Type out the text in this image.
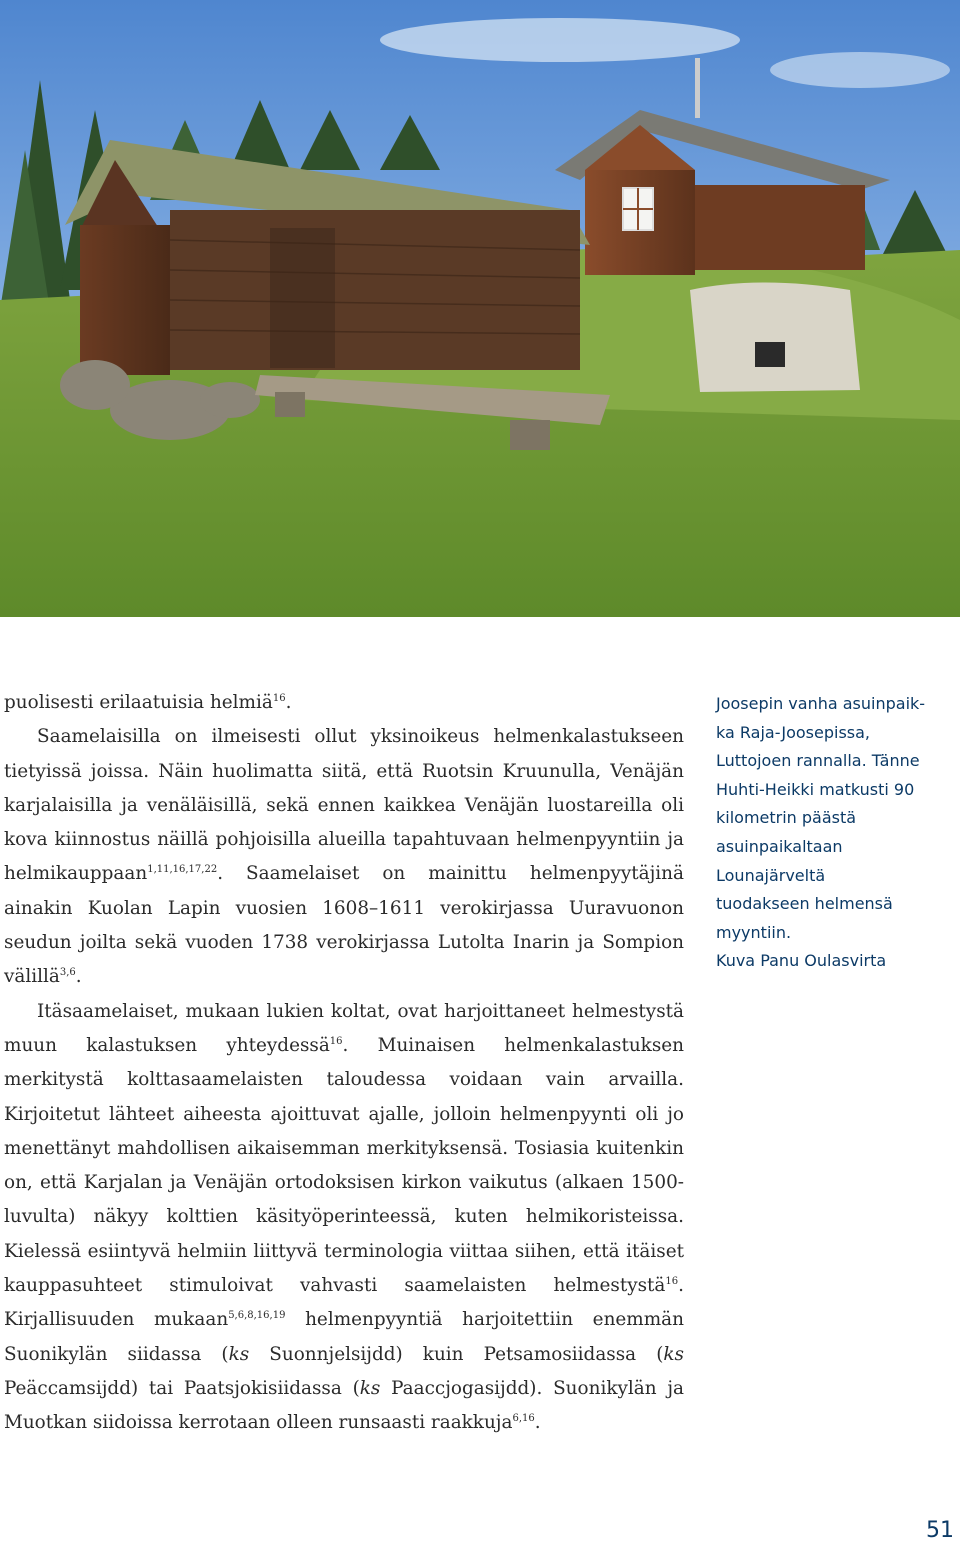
puolisesti erilaatuisia helmiä$^{16}$.

Saamelaisilla on ilmeisesti ollut yksinoikeus helmenkalastukseen tietyissä joissa. Näin huolimatta siitä, että Ruotsin Kruunulla, Venäjän karjalaisilla ja venäläisillä, sekä ennen kaikkea Venäjän luostareilla oli kova kiinnostus näillä pohjoisilla alueilla tapahtuvaan helmenpyyntiin ja helmikauppaan$^{1,11,16,17,22}$. Saamelaiset on mainittu helmenpyytäjinä ainakin Kuolan Lapin vuosien 1608–1611 verokirjassa Uuravuonon seudun joilta sekä vuoden 1738 verokirjassa Lutolta Inarin ja Sompion välillä$^{3,6}$.

Itäsaamelaiset, mukaan lukien koltat, ovat harjoittaneet helmestystä muun kalastuksen yhteydessä$^{16}$. Muinaisen helmenkalastuksen merkitystä kolttasaamelaisten taloudessa voidaan vain arvailla. Kirjoitetut lähteet aiheesta ajoittuvat ajalle, jolloin helmenpyynti oli jo menettänyt mahdollisen aikaisemman merkityksensä. Tosiasia kuitenkin on, että Karjalan ja Venäjän ortodoksisen kirkon vaikutus (alkaen 1500-luvulta) näkyy kolttien käsityöperinteessä, kuten helmikoristeissa. Kielessä esiintyvä helmiin liittyvä terminologia viittaa siihen, että itäiset kauppasuhteet stimuloivat vahvasti saamelaisten helmestystä$^{16}$. Kirjallisuuden mukaan$^{5,6,8,16,19}$ helmenpyyntiä harjoitettiin enemmän Suonikylän siidassa (ks Suonnjelsijdd) kuin Petsamosiidassa (ks Peäccamsijdd) tai Paatsjokisiidassa (ks Paaccjogasijdd). Suonikylän ja Muotkan siidoissa kerrotaan olleen runsaasti raakkuja$^{6,16}$.

Joosepin vanha asuinpaik-
ka Raja-Joosepissa,
Luttojoen rannalla. Tänne
Huhti-Heikki matkusti 90
kilometrin päästä
asuinpaikaltaan
Lounajärveltä
tuodakseen helmensä
myyntiin.
Kuva Panu Oulasvirta
51
